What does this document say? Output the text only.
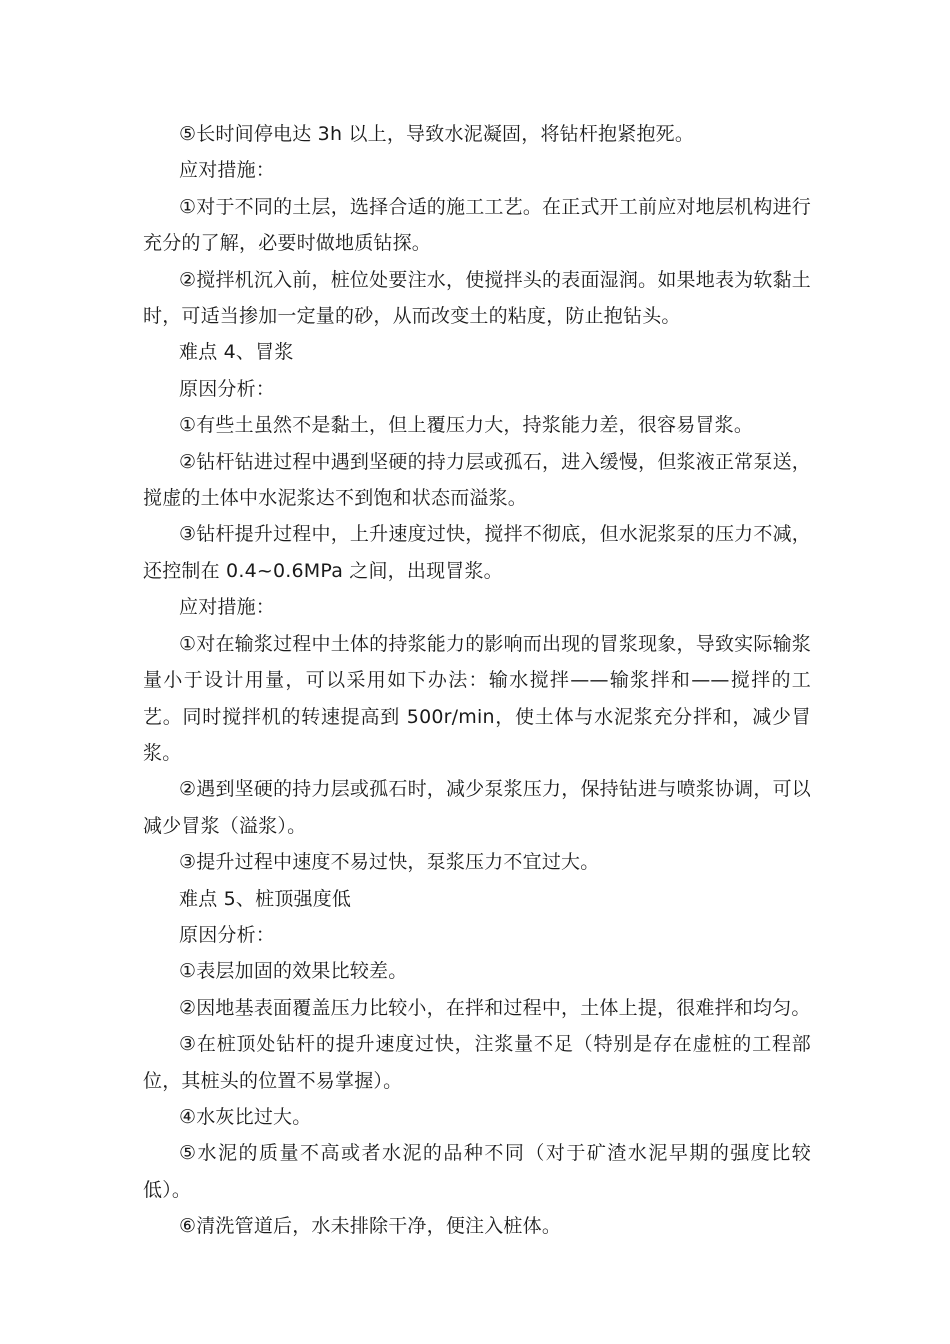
⑤长时间停电达 3h 以上，导致水泥凝固，将钻杆抱紧抱死。

应对措施：

①对于不同的土层，选择合适的施工工艺。在正式开工前应对地层机构进行充分的了解，必要时做地质钻探。

②搅拌机沉入前，桩位处要注水，使搅拌头的表面湿润。如果地表为软黏土时，可适当掺加一定量的砂，从而改变土的粘度，防止抱钻头。

难点 4、冒浆

原因分析：

①有些土虽然不是黏土，但上覆压力大，持浆能力差，很容易冒浆。

②钻杆钻进过程中遇到坚硬的持力层或孤石，进入缓慢，但浆液正常泵送，搅虚的土体中水泥浆达不到饱和状态而溢浆。

③钻杆提升过程中，上升速度过快，搅拌不彻底，但水泥浆泵的压力不减，还控制在 0.4~0.6MPa 之间，出现冒浆。

应对措施：

①对在输浆过程中土体的持浆能力的影响而出现的冒浆现象，导致实际输浆量小于设计用量，可以采用如下办法：输水搅拌——输浆拌和——搅拌的工艺。同时搅拌机的转速提高到 500r/min，使土体与水泥浆充分拌和，减少冒浆。

②遇到坚硬的持力层或孤石时，减少泵浆压力，保持钻进与喷浆协调，可以减少冒浆（溢浆）。

③提升过程中速度不易过快，泵浆压力不宜过大。

难点 5、桩顶强度低

原因分析：

①表层加固的效果比较差。

②因地基表面覆盖压力比较小，在拌和过程中，土体上提，很难拌和均匀。

③在桩顶处钻杆的提升速度过快，注浆量不足（特别是存在虚桩的工程部位，其桩头的位置不易掌握）。

④水灰比过大。

⑤水泥的质量不高或者水泥的品种不同（对于矿渣水泥早期的强度比较低）。

⑥清洗管道后，水未排除干净，便注入桩体。
